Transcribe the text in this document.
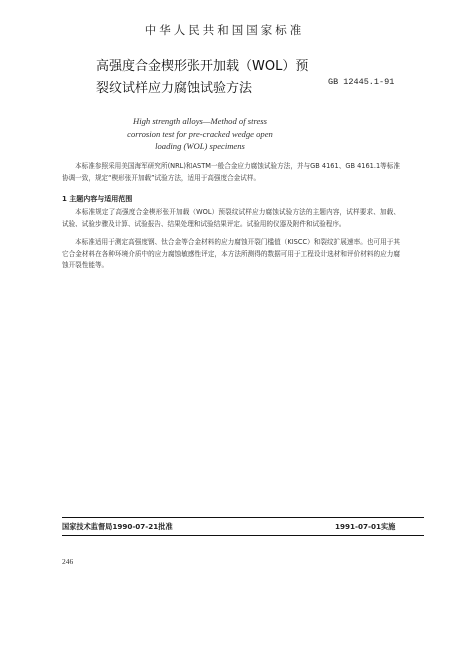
中华人民共和国国家标准

高强度合金楔形张开加载（WOL）预

裂纹试样应力腐蚀试验方法	GB 12445.1-91
High strength alloys—Method of stress
corrosion test for pre-cracked wedge open
loading (WOL) specimens

本标准参照采用美国海军研究所(NRL)和ASTM一般合金应力腐蚀试验方法，并与GB 4161、GB 4161.1等标准协调一致，规定“楔形张开加载”试验方法，适用于高强度合金试样。

1 主题内容与适用范围

本标准规定了高强度合金楔形张开加载（WOL）预裂纹试样应力腐蚀试验方法的主题内容，试样要求、加载、试验、试验步骤及计算、试验报告、结果处理和试验结果评定。试验用的仪器及附件和试验程序。

本标准适用于测定高强度钢、钛合金等合金材料的应力腐蚀开裂门槛值（KISCC）和裂纹扩展速率。也可用于其它合金材料在各种环境介质中的应力腐蚀敏感性评定，本方法所测得的数据可用于工程设计选材和评价材料的应力腐蚀开裂性能等。

国家技术监督局1990-07-21批准	1991-07-01实施
246
